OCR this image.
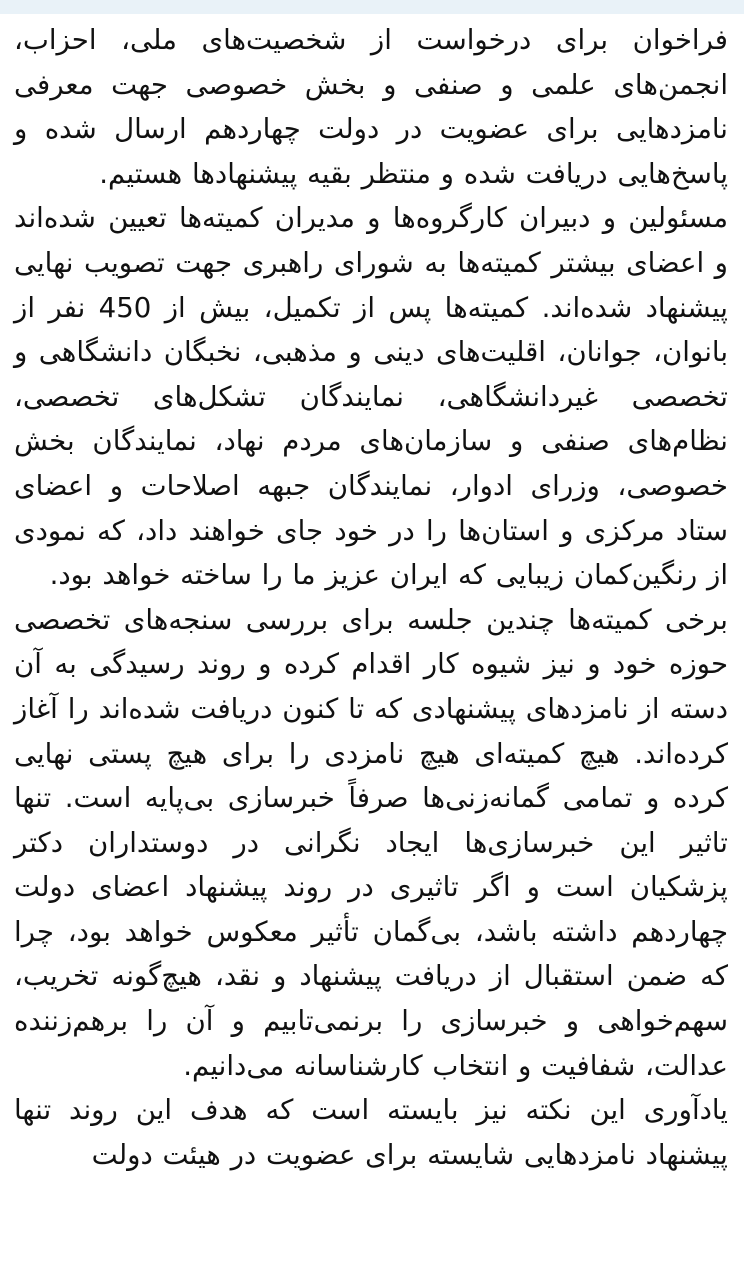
فراخوان برای درخواست از شخصیت‌های ملی، احزاب، انجمن‌های علمی و صنفی و بخش خصوصی جهت معرفی نامزدهایی برای عضویت در دولت چهاردهم ارسال شده و پاسخ‌هایی دریافت شده و منتظر بقیه پیشنهادها هستیم.

مسئولین و دبیران کارگروه‌ها و مدیران کمیته‌ها تعیین شده‌اند و اعضای بیشتر کمیته‌ها به شورای راهبری جهت تصویب نهایی پیشنهاد شده‌اند. کمیته‌ها پس از تکمیل، بیش از 450 نفر از بانوان، جوانان، اقلیت‌های دینی و مذهبی، نخبگان دانشگاهی و تخصصی غیردانشگاهی، نمایندگان تشکل‌های تخصصی، نظام‌های صنفی و سازمان‌های مردم نهاد، نمایندگان بخش خصوصی، وزرای ادوار، نمایندگان جبهه اصلاحات و اعضای ستاد مرکزی و استان‌ها را در خود جای خواهند داد، که نمودی از رنگین‌کمان زیبایی که ایران عزیز ما را ساخته خواهد بود.

برخی کمیته‌ها چندین جلسه برای بررسی سنجه‌های تخصصی حوزه خود و نیز شیوه کار اقدام کرده و روند رسیدگی به آن دسته از نامزدهای پیشنهادی که تا کنون دریافت شده‌اند را آغاز کرده‌اند. هیچ کمیته‌ای هیچ نامزدی را برای هیچ پستی نهایی کرده و تمامی گمانه‌زنی‌ها صرفاً خبرسازی بی‌پایه است. تنها تاثیر این خبرسازی‌ها ایجاد نگرانی در دوستداران دکتر پزشکیان است و اگر تاثیری در روند پیشنهاد اعضای دولت چهاردهم داشته باشد، بی‌گمان تأثیر معکوس خواهد بود، چرا که ضمن استقبال از دریافت پیشنهاد و نقد، هیچ‌گونه تخریب، سهم‌خواهی و خبرسازی را برنمی‌تابیم و آن را برهم‌زننده عدالت، شفافیت و انتخاب کارشناسانه می‌دانیم.

یادآوری این نکته نیز بایسته است که هدف این روند تنها پیشنهاد نامزدهایی شایسته برای عضویت در هیئت دولت
